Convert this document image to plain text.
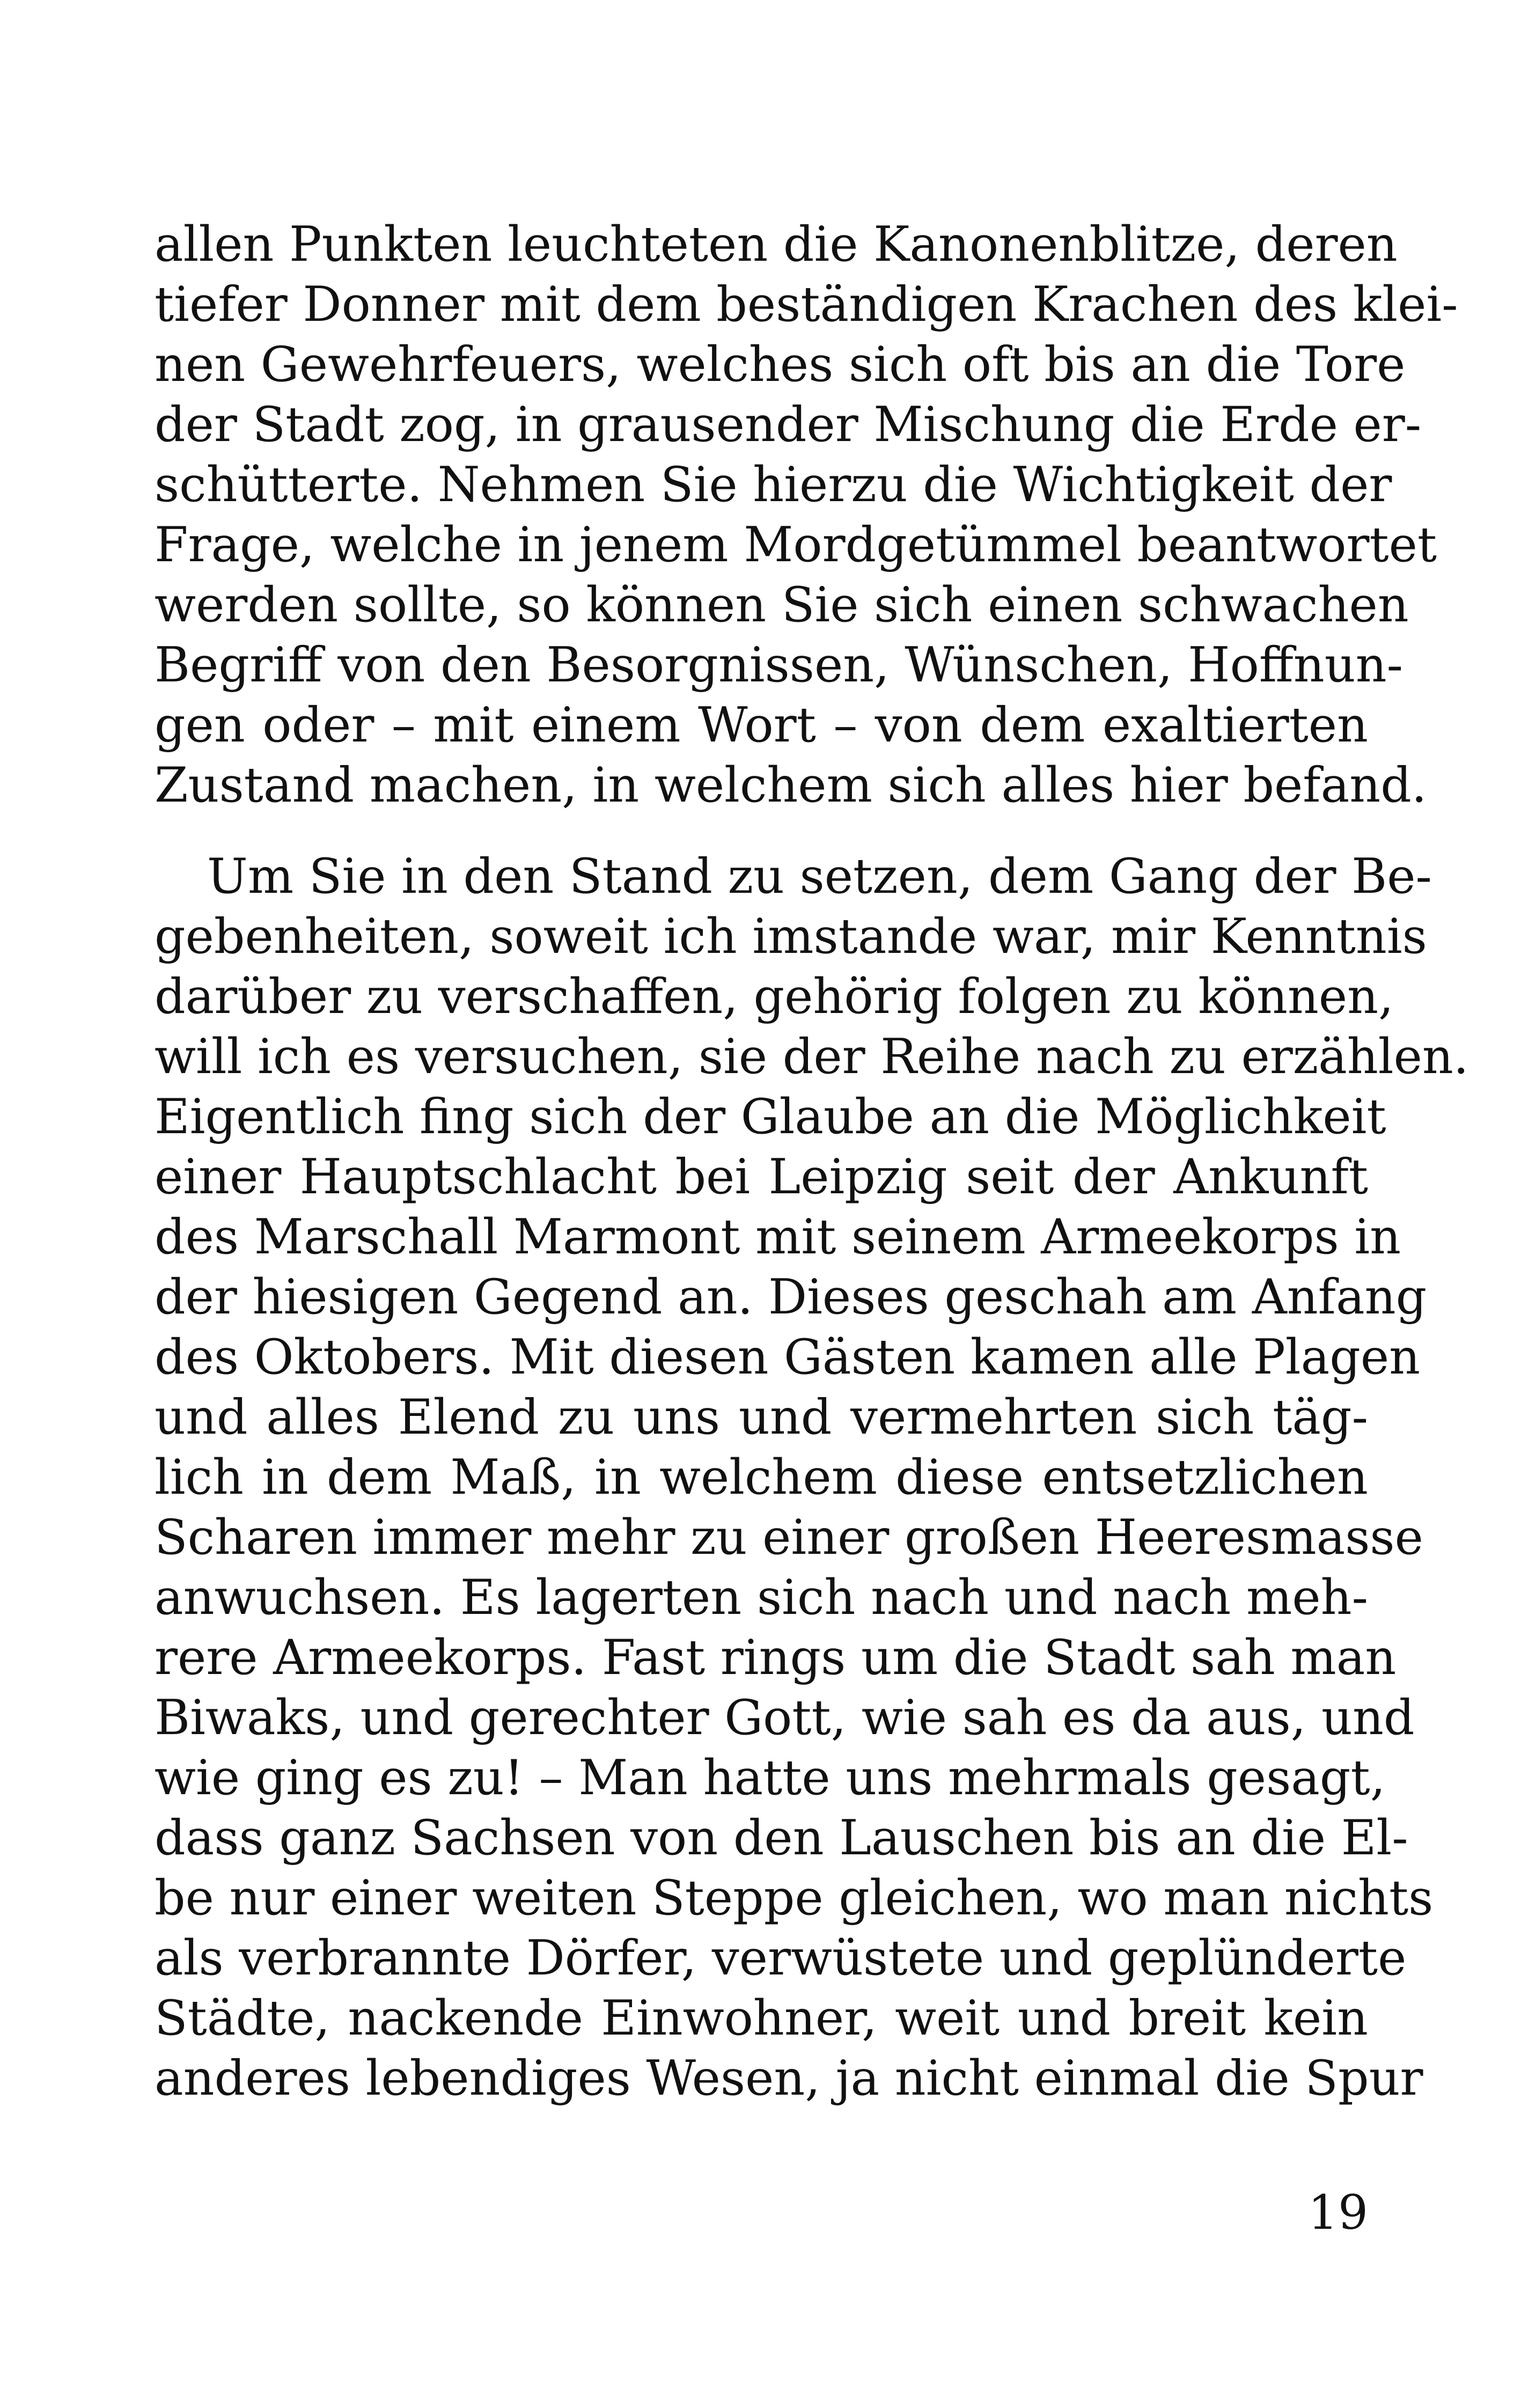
allen Punkten leuchteten die Kanonenblitze, deren
tiefer Donner mit dem beständigen Krachen des klei-
nen Gewehrfeuers, welches sich oft bis an die Tore
der Stadt zog, in grausender Mischung die Erde er-
schütterte. Nehmen Sie hierzu die Wichtigkeit der
Frage, welche in jenem Mordgetümmel beantwortet
werden sollte, so können Sie sich einen schwachen
Begriff von den Besorgnissen, Wünschen, Hoffnun-
gen oder – mit einem Wort – von dem exaltierten
Zustand machen, in welchem sich alles hier befand.
Um Sie in den Stand zu setzen, dem Gang der Be-
gebenheiten, soweit ich imstande war, mir Kenntnis
darüber zu verschaffen, gehörig folgen zu können,
will ich es versuchen, sie der Reihe nach zu erzählen.
Eigentlich fing sich der Glaube an die Möglichkeit
einer Hauptschlacht bei Leipzig seit der Ankunft
des Marschall Marmont mit seinem Armeekorps in
der hiesigen Gegend an. Dieses geschah am Anfang
des Oktobers. Mit diesen Gästen kamen alle Plagen
und alles Elend zu uns und vermehrten sich täg-
lich in dem Maß, in welchem diese entsetzlichen
Scharen immer mehr zu einer großen Heeresmasse
anwuchsen. Es lagerten sich nach und nach meh-
rere Armeekorps. Fast rings um die Stadt sah man
Biwaks, und gerechter Gott, wie sah es da aus, und
wie ging es zu! – Man hatte uns mehrmals gesagt,
dass ganz Sachsen von den Lauschen bis an die El-
be nur einer weiten Steppe gleichen, wo man nichts
als verbrannte Dörfer, verwüstete und geplünderte
Städte, nackende Einwohner, weit und breit kein
anderes lebendiges Wesen, ja nicht einmal die Spur
19
